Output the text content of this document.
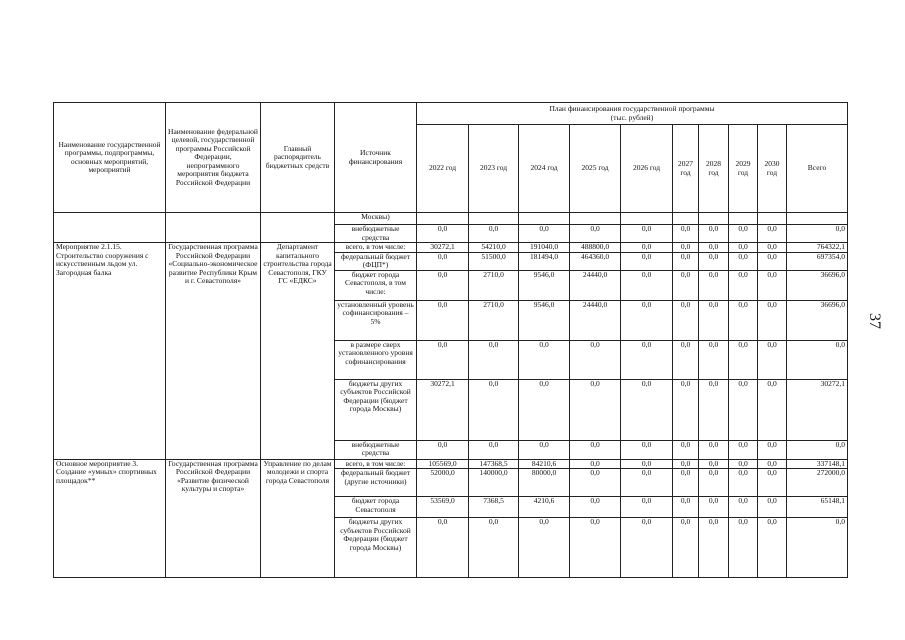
37
Наименование государственной программы, подпрограммы, основных мероприятий, мероприятий	Наименование федеральной целевой, государственной программы Российской Федерации, непрограммного мероприятия бюджета Российской Федерации	Главный распорядитель бюджетных средств	Источник финансирования	План финансирования государственной программы
(тыс. рублей)									

				2022 год	2023 год	2024 год	2025 год	2026 год	2027 год	2028 год	2029 год	2030 год	Всего
			Москвы)										
			внебюджетные средства	0,0	0,0	0,0	0,0	0,0	0,0	0,0	0,0	0,0	0,0
Мероприятие 2.1.15. Строительство сооружения с искусственным льдом ул. Загородная балка	Государственная программа Российской Федерации «Социально-экономическое развитие Республики Крым и г. Севастополя»	Департамент капитального строительства города Севастополя, ГКУ ГС «ЕДКС»	всего, в том числе:	30272,1	54210,0	191040,0	488800,0	0,0	0,0	0,0	0,0	0,0	764322,1
			федеральный бюджет (ФЦП*)	0,0	51500,0	181494,0	464360,0	0,0	0,0	0,0	0,0	0,0	697354,0
			бюджет города Севастополя, в том числе:	0,0	2710,0	9546,0	24440,0	0,0	0,0	0,0	0,0	0,0	36696,0
			установленный уровень софинансирования – 5%	0,0	2710,0	9546,0	24440,0	0,0	0,0	0,0	0,0	0,0	36696,0
			в размере сверх установленного уровня софинансирования	0,0	0,0	0,0	0,0	0,0	0,0	0,0	0,0	0,0	0,0
			бюджеты других субъектов Российской Федерации (бюджет города Москвы)	30272,1	0,0	0,0	0,0	0,0	0,0	0,0	0,0	0,0	30272,1
			внебюджетные средства	0,0	0,0	0,0	0,0	0,0	0,0	0,0	0,0	0,0	0,0
Основное мероприятие 3. Создание «умных» спортивных площадок**	Государственная программа Российской Федерации «Развитие физической культуры и спорта»	Управление по делам молодежи и спорта города Севастополя	всего, в том числе:	105569,0	147368,5	84210,6	0,0	0,0	0,0	0,0	0,0	0,0	337148,1
			федеральный бюджет (другие источники)	52000,0	140000,0	80000,0	0,0	0,0	0,0	0,0	0,0	0,0	272000,0
			бюджет города Севастополя	53569,0	7368,5	4210,6	0,0	0,0	0,0	0,0	0,0	0,0	65148,1
			бюджеты других субъектов Российской Федерации (бюджет города Москвы)	0,0	0,0	0,0	0,0	0,0	0,0	0,0	0,0	0,0	0,0
